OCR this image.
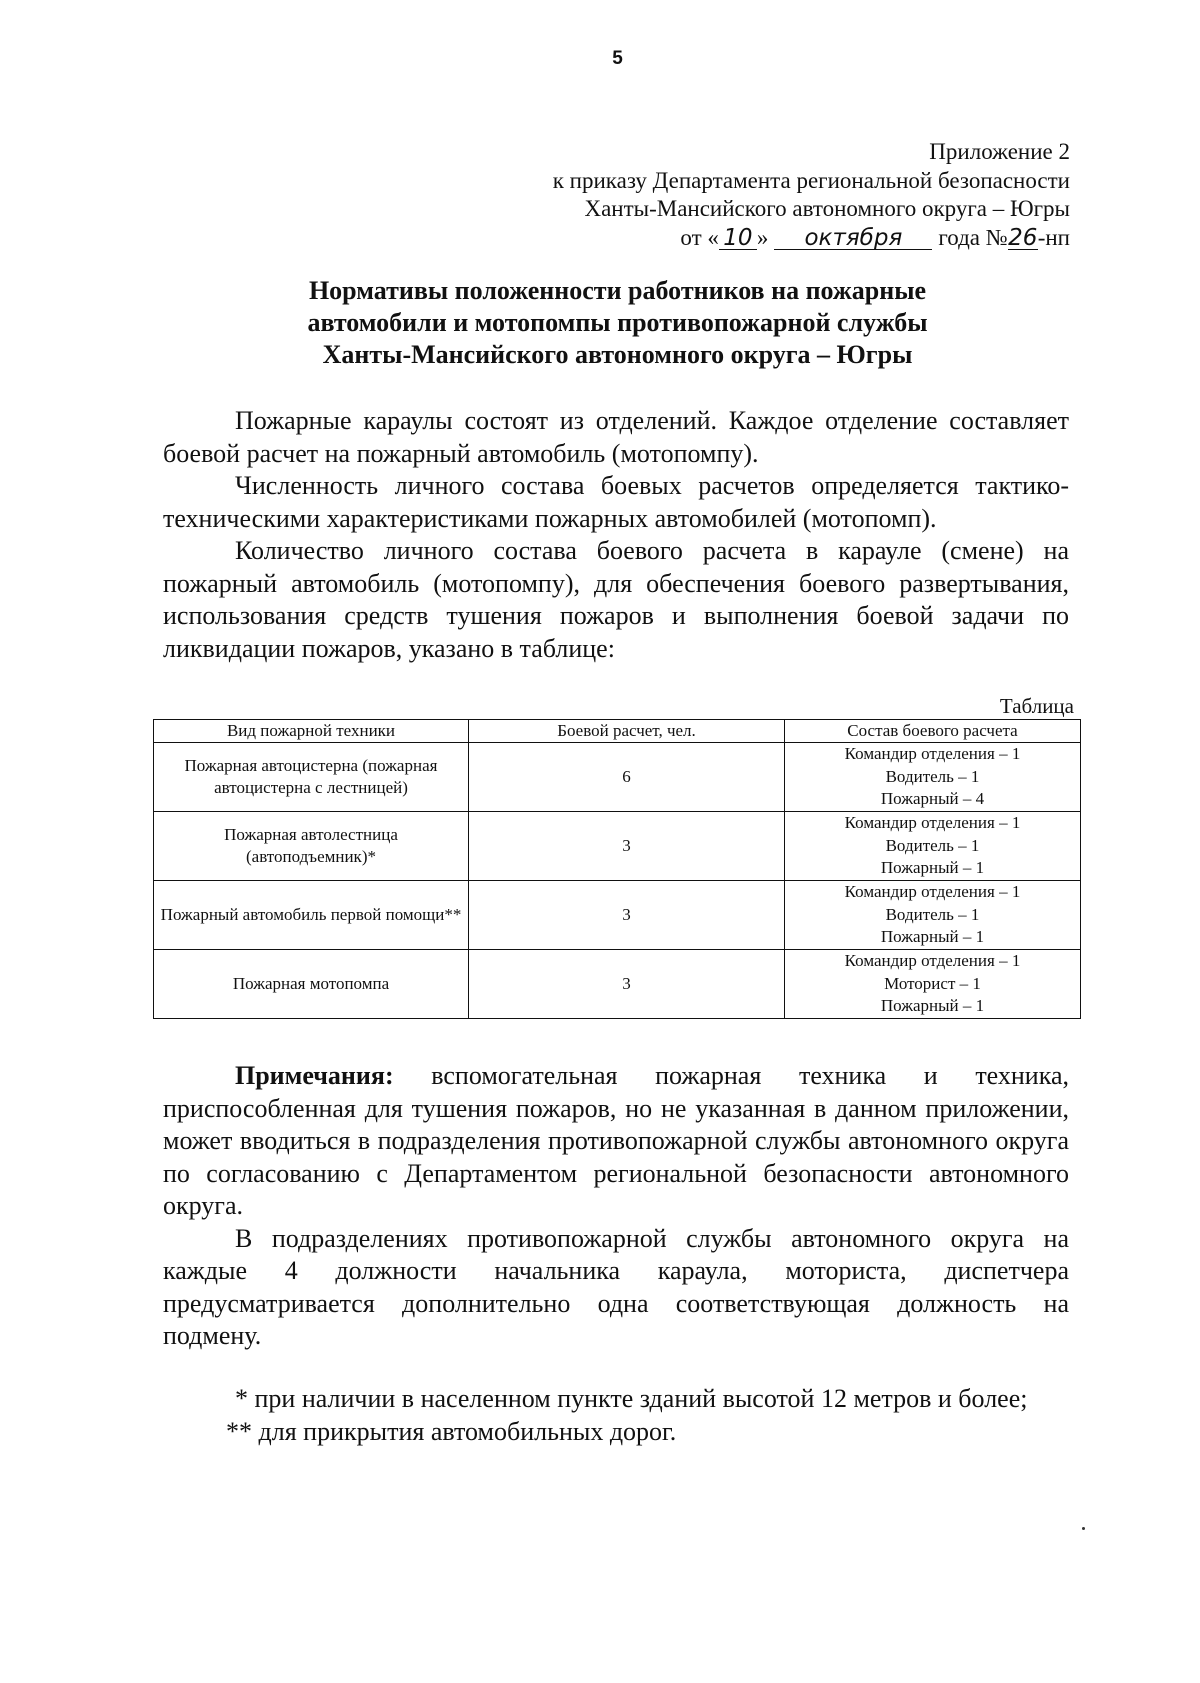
5
Приложение 2
к приказу Департамента региональной безопасности
Ханты-Мансийского автономного округа – Югры
от « 10 » октября года №26-нп
Нормативы положенности работников на пожарные
автомобили и мотопомпы противопожарной службы
Ханты-Мансийского автономного округа – Югры

Пожарные караулы состоят из отделений. Каждое отделение составляет боевой расчет на пожарный автомобиль (мотопомпу).

Численность личного состава боевых расчетов определяется тактико-техническими характеристиками пожарных автомобилей (мотопомп).

Количество личного состава боевого расчета в карауле (смене) на пожарный автомобиль (мотопомпу), для обеспечения боевого развертывания, использования средств тушения пожаров и выполнения боевой задачи по ликвидации пожаров, указано в таблице:

Таблица
Вид пожарной техники	Боевой расчет, чел.	Состав боевого расчета
Пожарная автоцистерна (пожарная автоцистерна с лестницей)	6	Командир отделения – 1
Водитель – 1
Пожарный – 4

Пожарная автолестница (автоподъемник)*	3	Командир отделения – 1
Водитель – 1
Пожарный – 1

Пожарный автомобиль первой помощи**	3	Командир отделения – 1
Водитель – 1
Пожарный – 1

Пожарная мотопомпа	3	Командир отделения – 1
Моторист – 1
Пожарный – 1

Примечания: вспомогательная пожарная техника и техника, приспособленная для тушения пожаров, но не указанная в данном приложении, может вводиться в подразделения противопожарной службы автономного округа по согласованию с Департаментом региональной безопасности автономного округа.

В подразделениях противопожарной службы автономного округа на каждые 4 должности начальника караула, моториста, диспетчера предусматривается дополнительно одна соответствующая должность на подмену.

* при наличии в населенном пункте зданий высотой 12 метров и более;

** для прикрытия автомобильных дорог.
